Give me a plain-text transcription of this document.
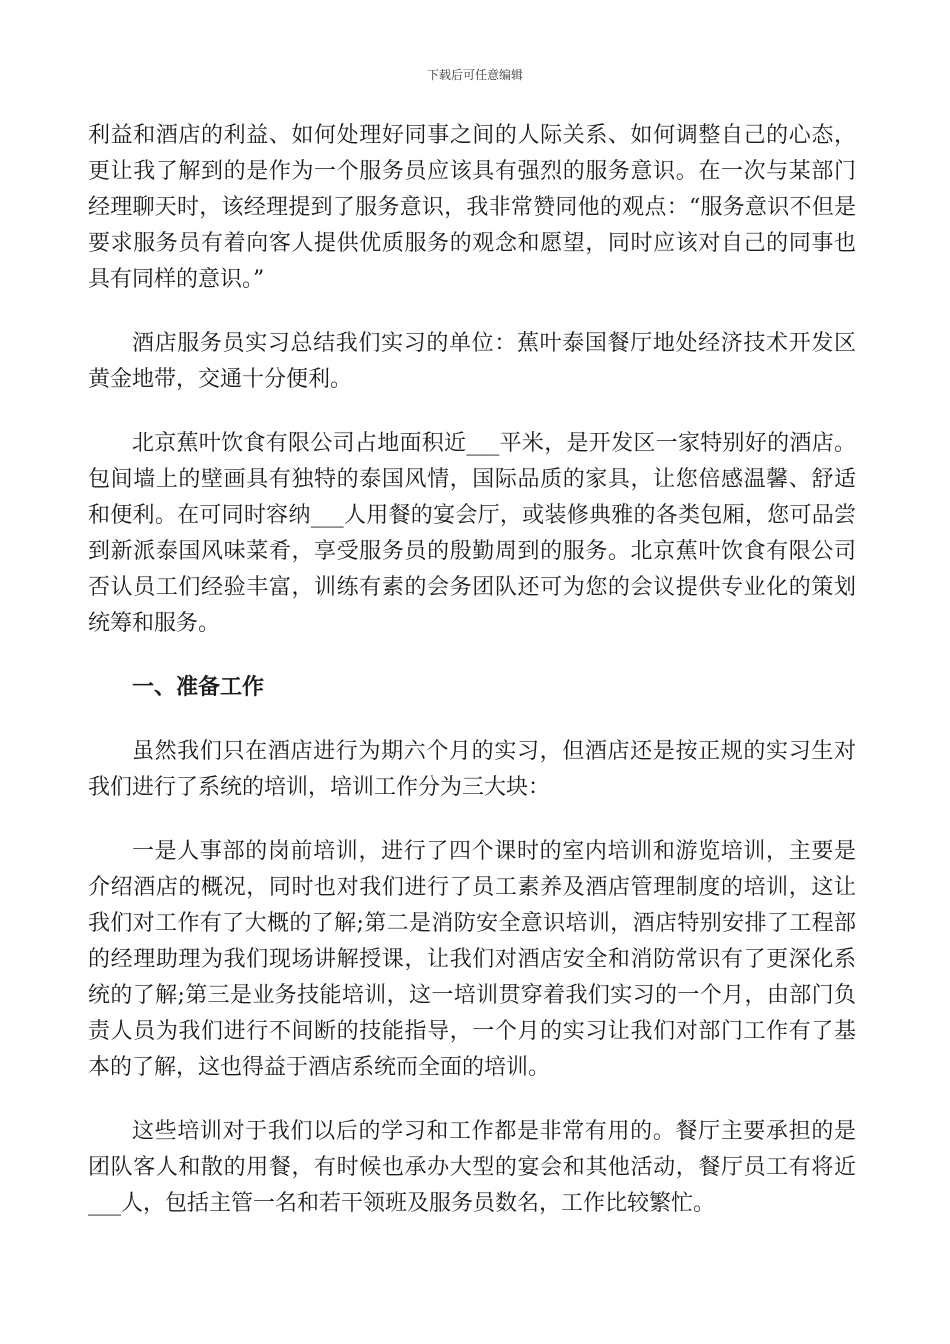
下载后可任意编辑

利益和酒店的利益、如何处理好同事之间的人际关系、如何调整自己的心态，更让我了解到的是作为一个服务员应该具有强烈的服务意识。在一次与某部门经理聊天时，该经理提到了服务意识，我非常赞同他的观点：“服务意识不但是要求服务员有着向客人提供优质服务的观念和愿望，同时应该对自己的同事也具有同样的意识。”

酒店服务员实习总结我们实习的单位：蕉叶泰国餐厅地处经济技术开发区黄金地带，交通十分便利。

北京蕉叶饮食有限公司占地面积近___平米，是开发区一家特别好的酒店。包间墙上的壁画具有独特的泰国风情，国际品质的家具，让您倍感温馨、舒适和便利。在可同时容纳___人用餐的宴会厅，或装修典雅的各类包厢，您可品尝到新派泰国风味菜肴，享受服务员的殷勤周到的服务。北京蕉叶饮食有限公司否认员工们经验丰富，训练有素的会务团队还可为您的会议提供专业化的策划统筹和服务。

一、准备工作

虽然我们只在酒店进行为期六个月的实习，但酒店还是按正规的实习生对我们进行了系统的培训，培训工作分为三大块：

一是人事部的岗前培训，进行了四个课时的室内培训和游览培训，主要是介绍酒店的概况，同时也对我们进行了员工素养及酒店管理制度的培训，这让我们对工作有了大概的了解;第二是消防安全意识培训，酒店特别安排了工程部的经理助理为我们现场讲解授课，让我们对酒店安全和消防常识有了更深化系统的了解;第三是业务技能培训，这一培训贯穿着我们实习的一个月，由部门负责人员为我们进行不间断的技能指导，一个月的实习让我们对部门工作有了基本的了解，这也得益于酒店系统而全面的培训。

这些培训对于我们以后的学习和工作都是非常有用的。餐厅主要承担的是团队客人和散的用餐，有时候也承办大型的宴会和其他活动，餐厅员工有将近___人，包括主管一名和若干领班及服务员数名，工作比较繁忙。
